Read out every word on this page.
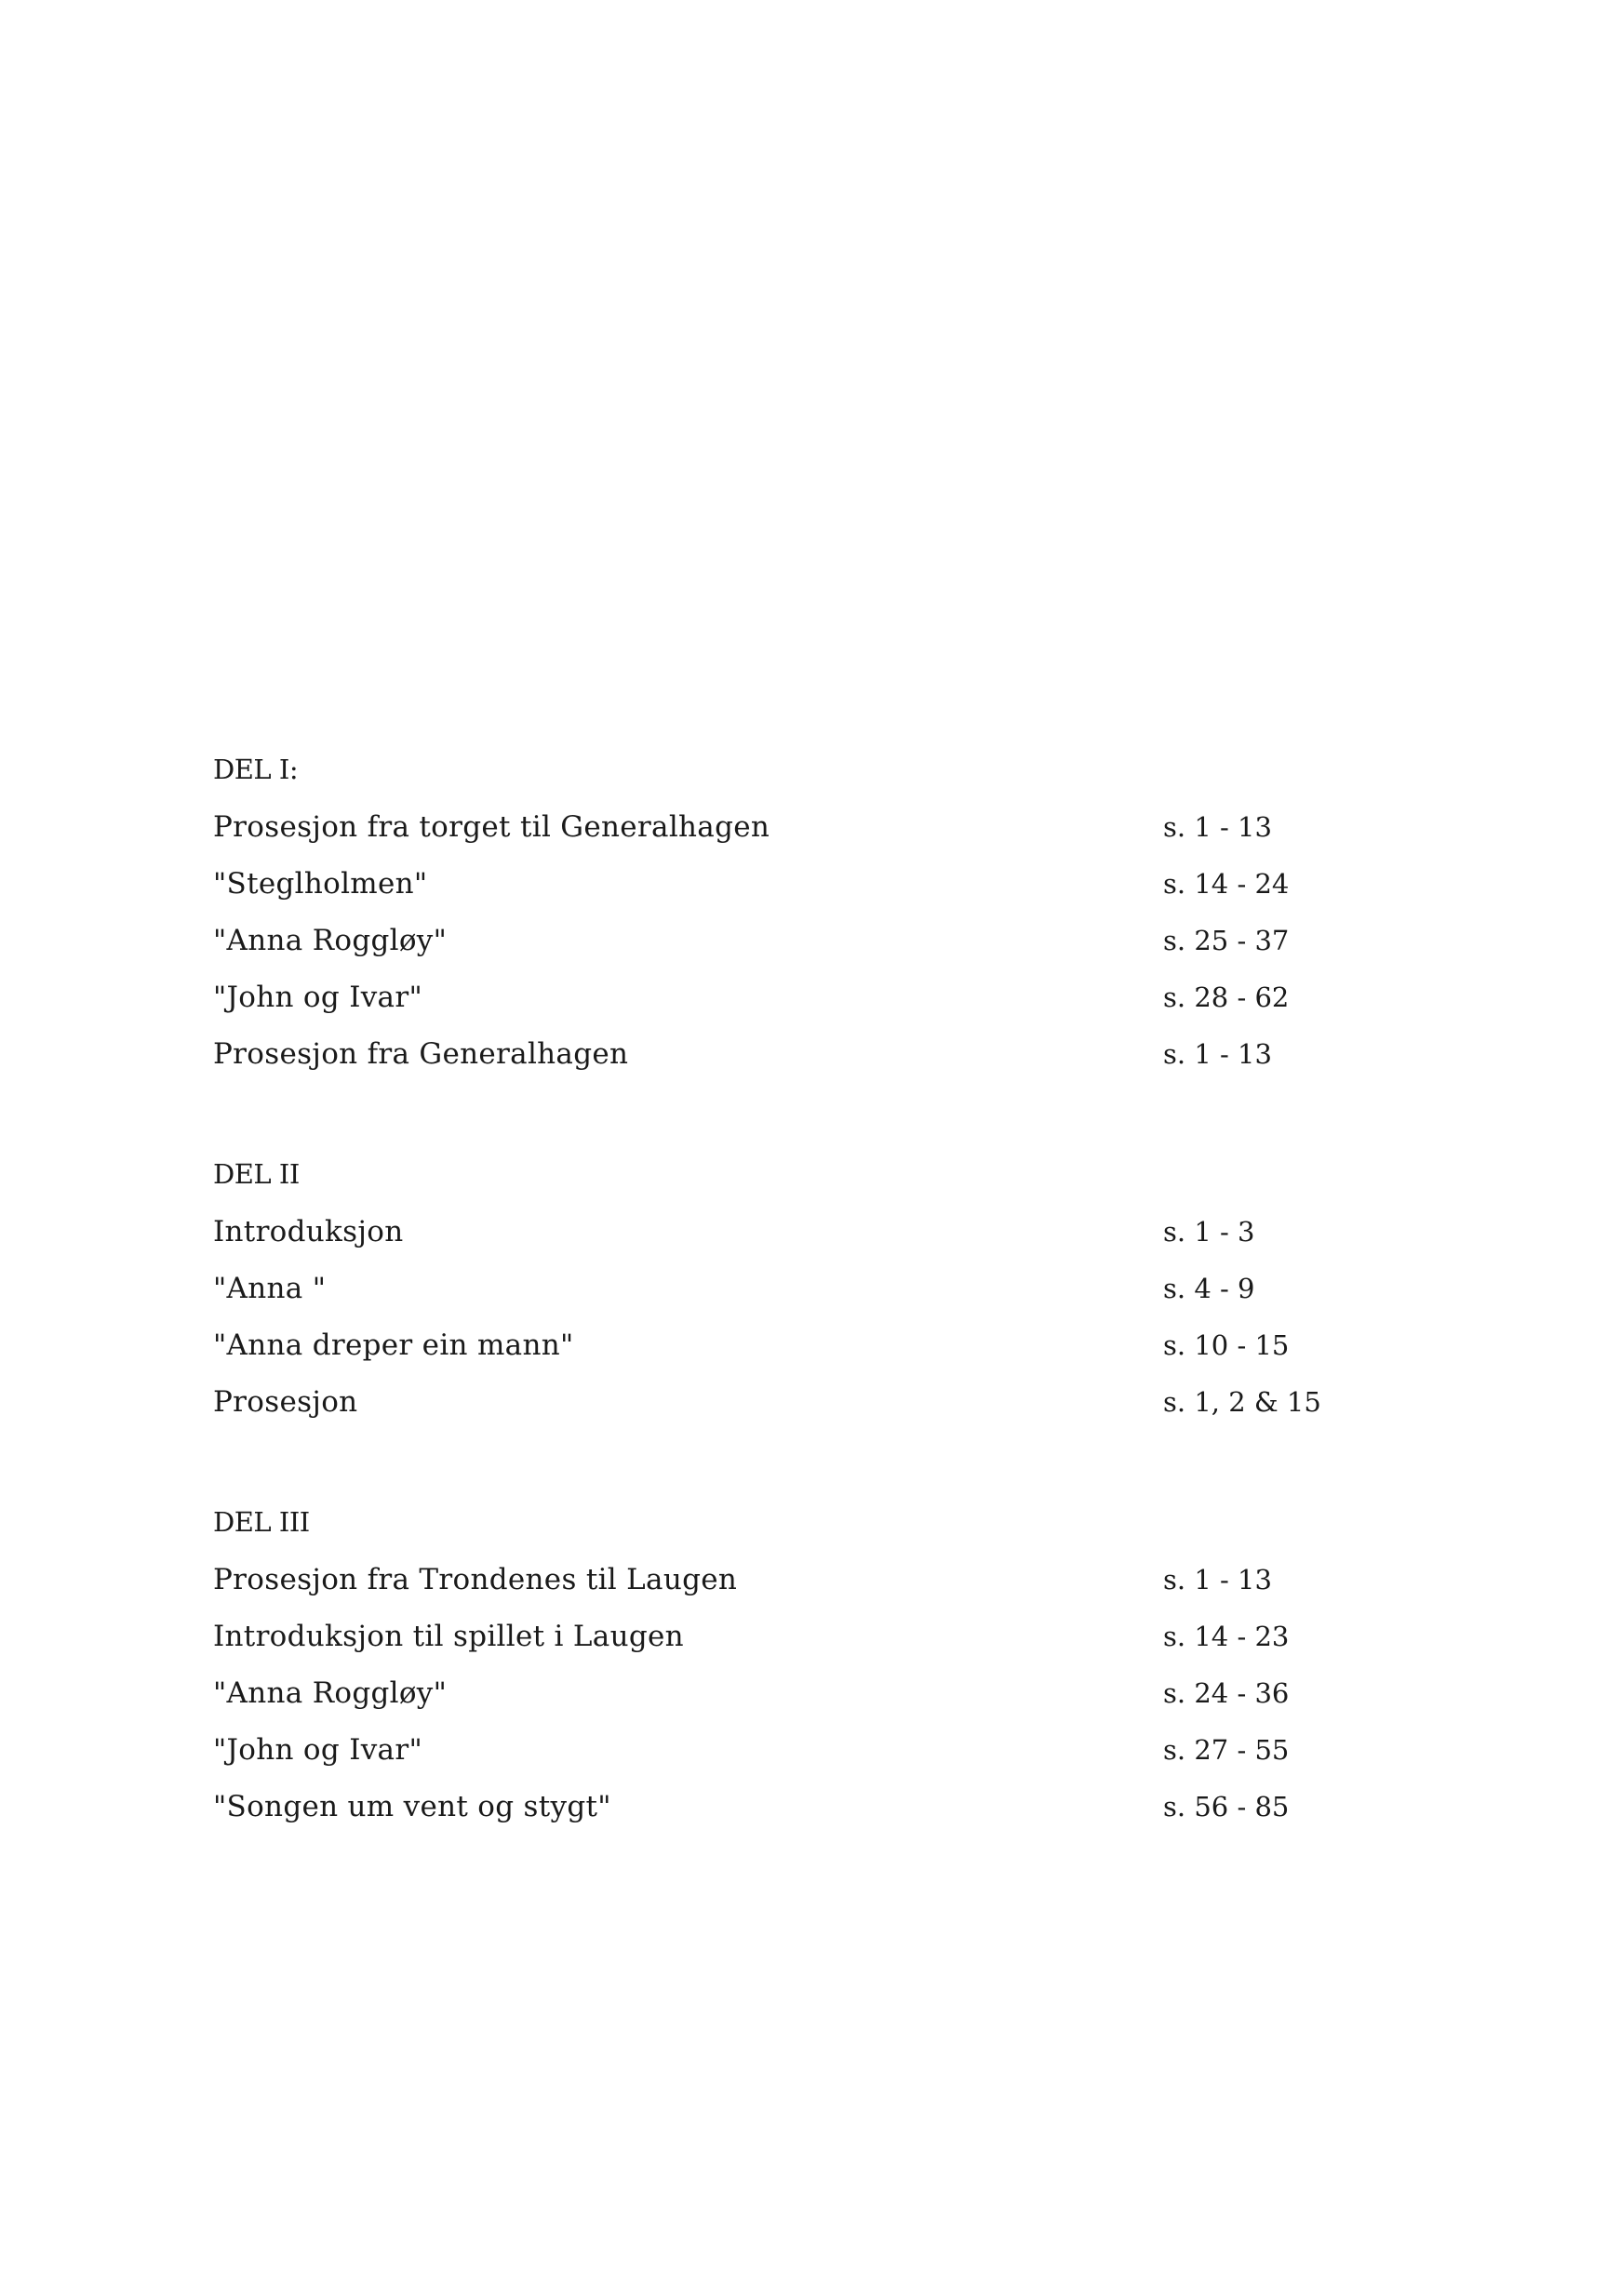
DEL I:
Prosesjon fra torget til Generalhagen	s. 1 - 13
"Steglholmen"	s. 14 - 24
"Anna Roggløy"	s. 25 - 37
"John og Ivar"	s. 28 - 62
Prosesjon fra Generalhagen	s. 1 - 13
DEL II
Introduksjon	s. 1 - 3
"Anna "	s. 4 - 9
"Anna dreper ein mann"	s. 10 - 15
Prosesjon	s. 1, 2 & 15
DEL III
Prosesjon fra Trondenes til Laugen	s. 1 - 13
Introduksjon til spillet i Laugen	s. 14 - 23
"Anna Roggløy"	s. 24 - 36
"John og Ivar"	s. 27 - 55
"Songen um vent og stygt"	s. 56 - 85
